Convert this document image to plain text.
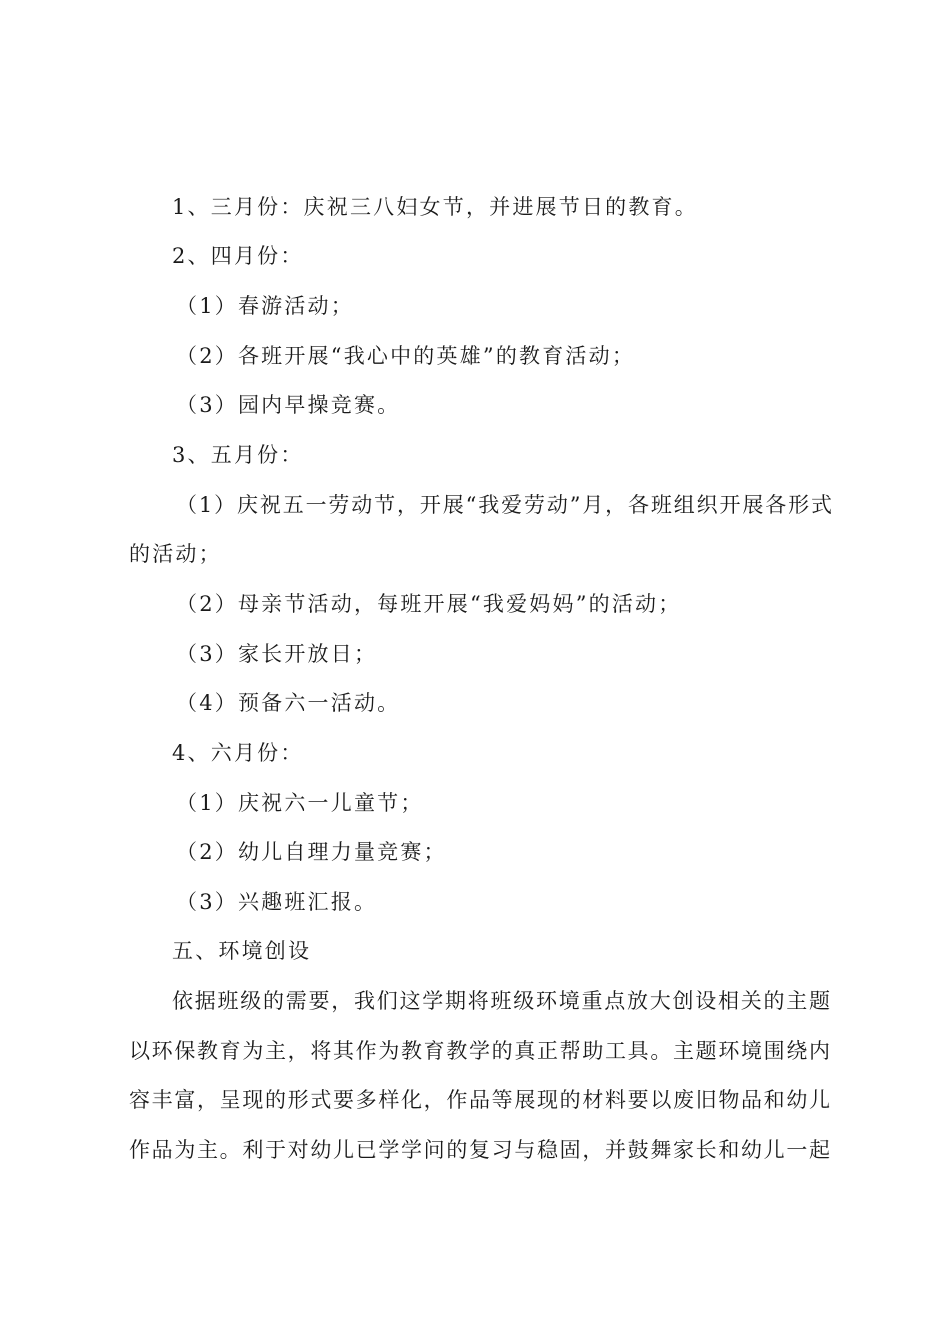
1、三月份：庆祝三八妇女节，并进展节日的教育。
2、四月份：
（1）春游活动；
（2）各班开展“我心中的英雄”的教育活动；
（3）园内早操竞赛。
3、五月份：
（1）庆祝五一劳动节，开展“我爱劳动”月，各班组织开展各形式
的活动；
（2）母亲节活动，每班开展“我爱妈妈”的活动；
（3）家长开放日；
（4）预备六一活动。
4、六月份：
（1）庆祝六一儿童节；
（2）幼儿自理力量竞赛；
（3）兴趣班汇报。
五、环境创设
依据班级的需要，我们这学期将班级环境重点放大创设相关的主题
以环保教育为主，将其作为教育教学的真正帮助工具。主题环境围绕内
容丰富，呈现的形式要多样化，作品等展现的材料要以废旧物品和幼儿
作品为主。利于对幼儿已学学问的复习与稳固，并鼓舞家长和幼儿一起
